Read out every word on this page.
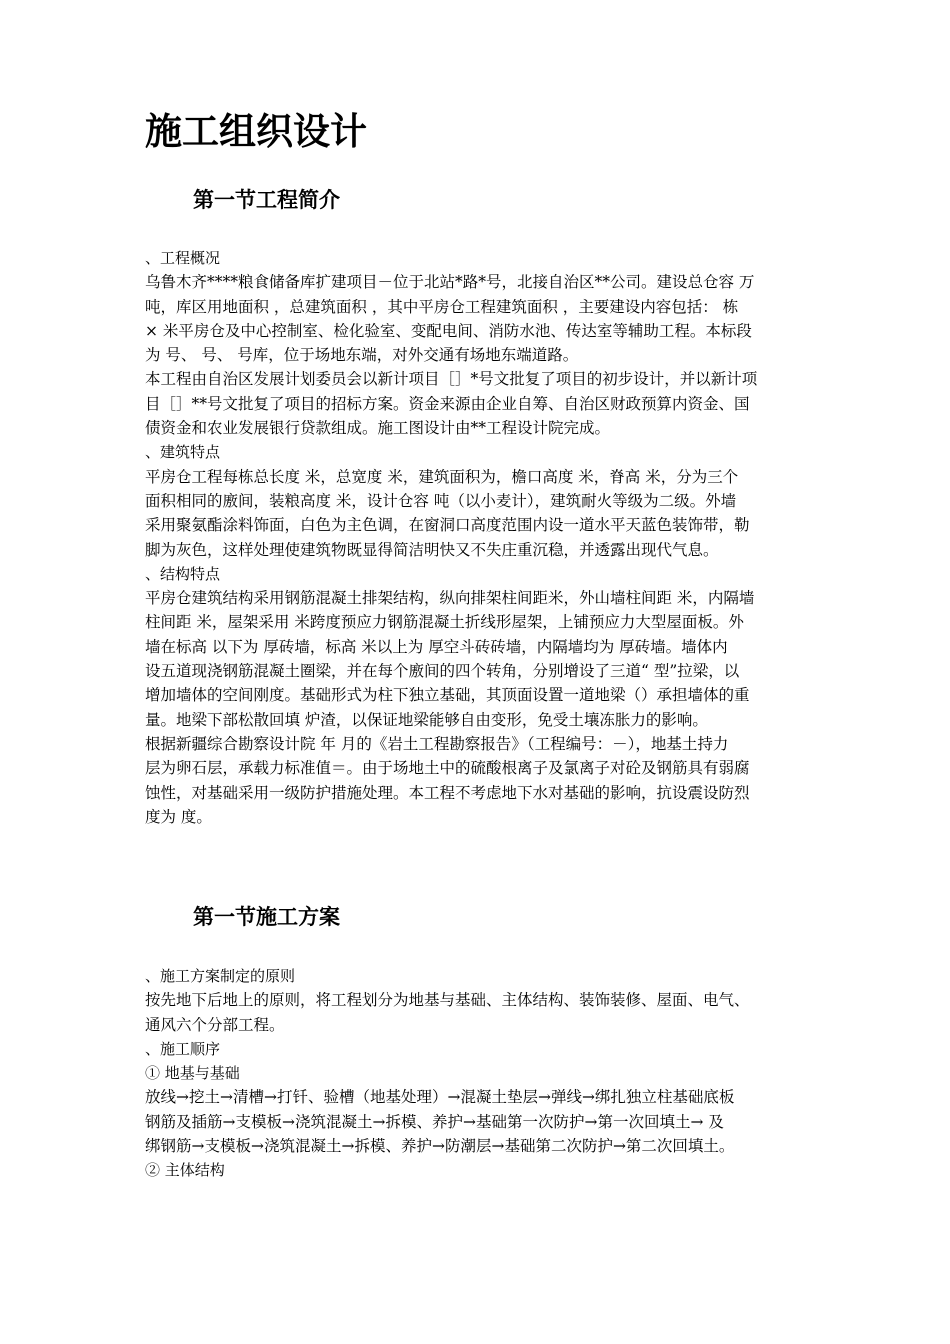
施工组织设计
第一节工程简介
、工程概况
乌鲁木齐****粮食储备库扩建项目－位于北站*路*号，北接自治区**公司。建设总仓容 万
吨，库区用地面积 ，总建筑面积 ，其中平房仓工程建筑面积 ，主要建设内容包括： 栋
× 米平房仓及中心控制室、检化验室、变配电间、消防水池、传达室等辅助工程。本标段
为 号、 号、 号库，位于场地东端，对外交通有场地东端道路。
本工程由自治区发展计划委员会以新计项目［］*号文批复了项目的初步设计，并以新计项
目［］**号文批复了项目的招标方案。资金来源由企业自筹、自治区财政预算内资金、国
债资金和农业发展银行贷款组成。施工图设计由**工程设计院完成。
、建筑特点
平房仓工程每栋总长度 米，总宽度 米，建筑面积为，檐口高度 米，脊高 米，分为三个
面积相同的廒间，装粮高度 米，设计仓容 吨（以小麦计），建筑耐火等级为二级。外墙
采用聚氨酯涂料饰面，白色为主色调，在窗洞口高度范围内设一道水平天蓝色装饰带，勒
脚为灰色，这样处理使建筑物既显得简洁明快又不失庄重沉稳，并透露出现代气息。
、结构特点
平房仓建筑结构采用钢筋混凝土排架结构，纵向排架柱间距米，外山墙柱间距 米，内隔墙
柱间距 米，屋架采用 米跨度预应力钢筋混凝土折线形屋架，上铺预应力大型屋面板。外
墙在标高 以下为 厚砖墙，标高 米以上为 厚空斗砖砖墙，内隔墙均为 厚砖墙。墙体内
设五道现浇钢筋混凝土圈梁，并在每个廒间的四个转角，分别增设了三道“ 型”拉梁，以
增加墙体的空间刚度。基础形式为柱下独立基础，其顶面设置一道地梁（）承担墙体的重
量。地梁下部松散回填 炉渣，以保证地梁能够自由变形，免受土壤冻胀力的影响。
根据新疆综合勘察设计院 年 月的《岩土工程勘察报告》（工程编号：－），地基土持力
层为卵石层，承载力标准值＝。由于场地土中的硫酸根离子及氯离子对砼及钢筋具有弱腐
蚀性，对基础采用一级防护措施处理。本工程不考虑地下水对基础的影响，抗设震设防烈
度为 度。
第一节施工方案
、施工方案制定的原则
按先地下后地上的原则，将工程划分为地基与基础、主体结构、装饰装修、屋面、电气、
通风六个分部工程。
、施工顺序
① 地基与基础
放线→挖土→清槽→打钎、验槽（地基处理）→混凝土垫层→弹线→绑扎独立柱基础底板
钢筋及插筋→支模板→浇筑混凝土→拆模、养护→基础第一次防护→第一次回填土→ 及
绑钢筋→支模板→浇筑混凝土→拆模、养护→防潮层→基础第二次防护→第二次回填土。
② 主体结构
